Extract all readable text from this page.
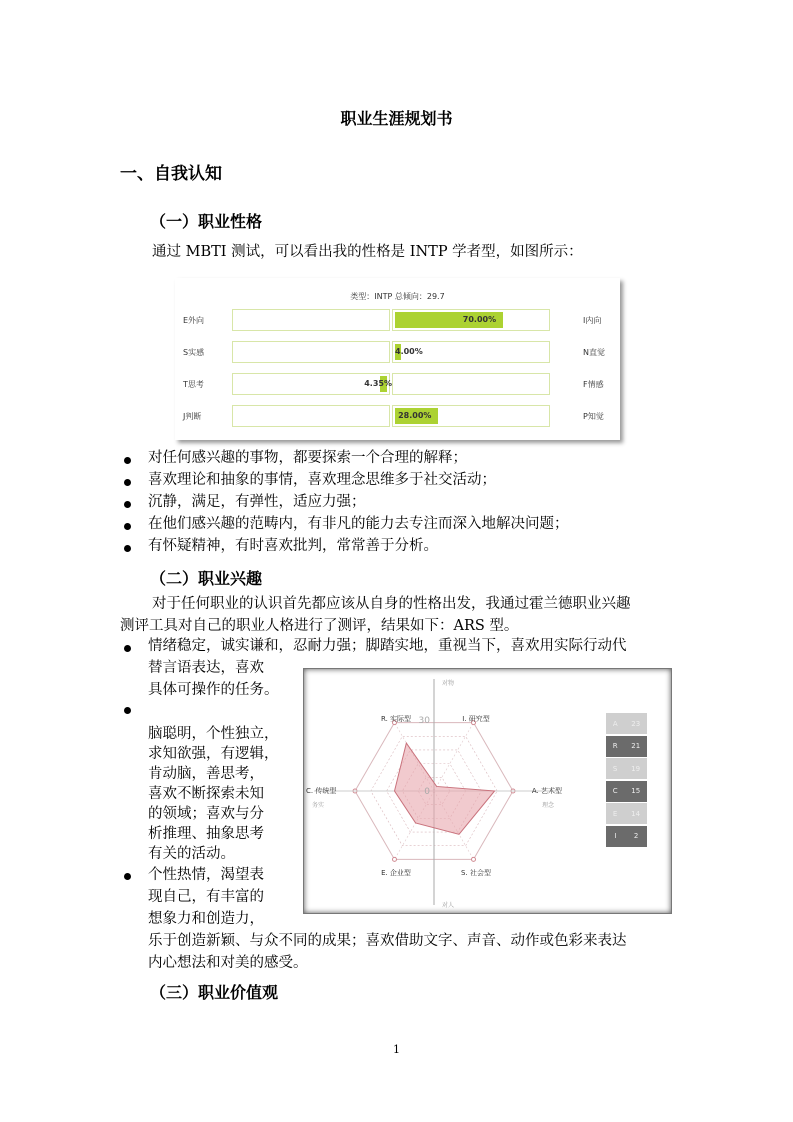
职业生涯规划书
一、自我认知
（一）职业性格
通过 MBTI 测试，可以看出我的性格是 INTP 学者型，如图所示：
类型：INTP 总倾向：29.7
E外向	70.00%	I内向
S实感	4.00%	N直觉
T思考	4.35%	F情感
J判断	28.00%	P知觉
对任何感兴趣的事物，都要探索一个合理的解释；
喜欢理论和抽象的事情，喜欢理念思维多于社交活动；
沉静，满足，有弹性，适应力强；
在他们感兴趣的范畴内，有非凡的能力去专注而深入地解决问题；
有怀疑精神，有时喜欢批判，常常善于分析。
（二）职业兴趣
对于任何职业的认识首先都应该从自身的性格出发，我通过霍兰德职业兴趣
测评工具对自己的职业人格进行了测评，结果如下：ARS 型。
情绪稳定，诚实谦和，忍耐力强；脚踏实地，重视当下，喜欢用实际行动代
替言语表达，喜欢
具体可操作的任务。
脑聪明，个性独立，
求知欲强，有逻辑，
肯动脑，善思考，
喜欢不断探索未知
的领域；喜欢与分
析推理、抽象思考
有关的活动。
个性热情，渴望表
现自己，有丰富的
想象力和创造力，
乐于创造新颖、与众不同的成果；喜欢借助文字、声音、动作或色彩来表达
内心想法和对美的感受。
A. 艺术型
I. 研究型
R. 实际型
C. 传统型
E. 企业型	S. 社会型
0
30
对物
对人
务实	理念
A 23
R 21
S 19
C 15
E 14
I 2
（三）职业价值观
1
